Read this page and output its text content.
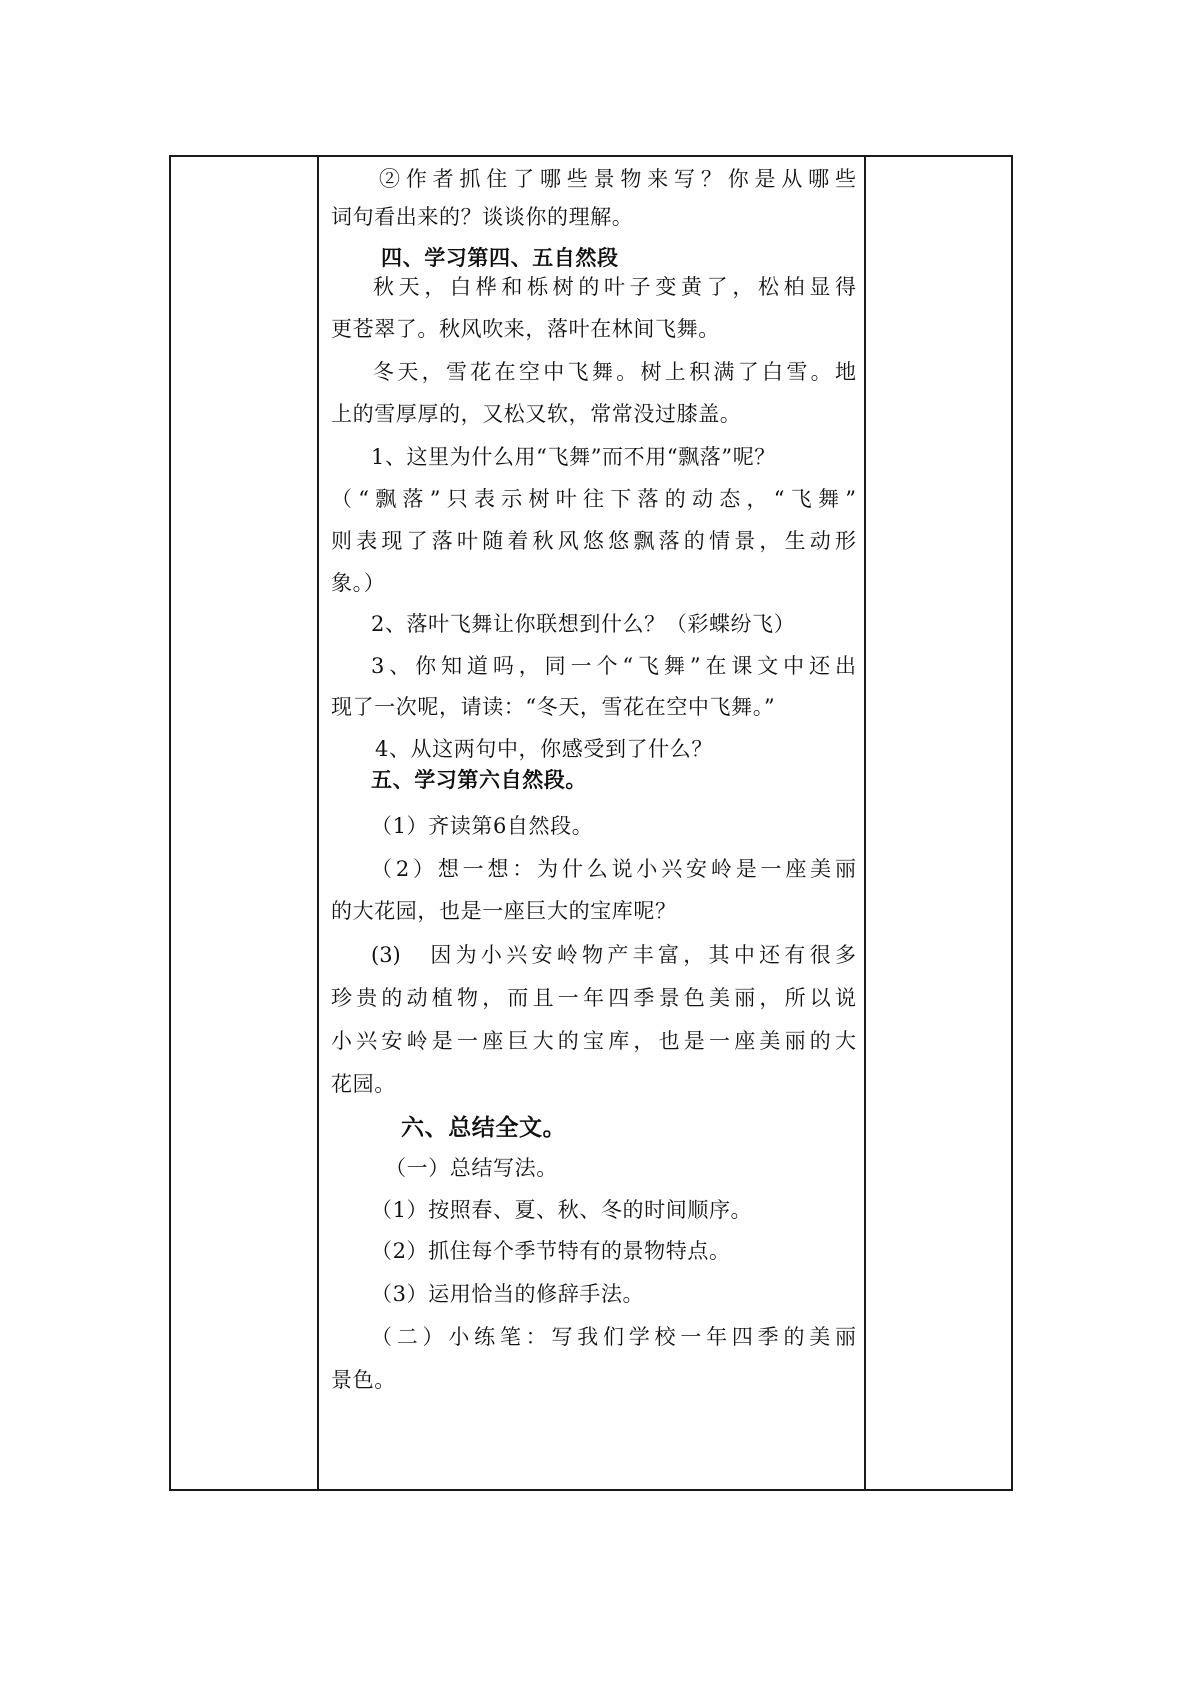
②作者抓住了哪些景物来写？你是从哪些
词句看出来的？谈谈你的理解。
四、学习第四、五自然段
秋天，白桦和栎树的叶子变黄了，松柏显得
更苍翠了。秋风吹来，落叶在林间飞舞。
冬天，雪花在空中飞舞。树上积满了白雪。地
上的雪厚厚的，又松又软，常常没过膝盖。
1、这里为什么用“飞舞”而不用“飘落”呢？
（“飘落”只表示树叶往下落的动态，“飞舞”
则表现了落叶随着秋风悠悠飘落的情景，生动形
象。）
2、落叶飞舞让你联想到什么？（彩蝶纷飞）
3、你知道吗，同一个“飞舞”在课文中还出
现了一次呢，请读：“冬天，雪花在空中飞舞。”
4、从这两句中，你感受到了什么？
五、学习第六自然段。
（1）齐读第6自然段。
（2）想一想：为什么说小兴安岭是一座美丽
的大花园，也是一座巨大的宝库呢？
(3)　因为小兴安岭物产丰富，其中还有很多
珍贵的动植物，而且一年四季景色美丽，所以说
小兴安岭是一座巨大的宝库，也是一座美丽的大
花园。
六、总结全文。
（一）总结写法。
（1）按照春、夏、秋、冬的时间顺序。
（2）抓住每个季节特有的景物特点。
（3）运用恰当的修辞手法。
（二）小练笔：写我们学校一年四季的美丽
景色。
